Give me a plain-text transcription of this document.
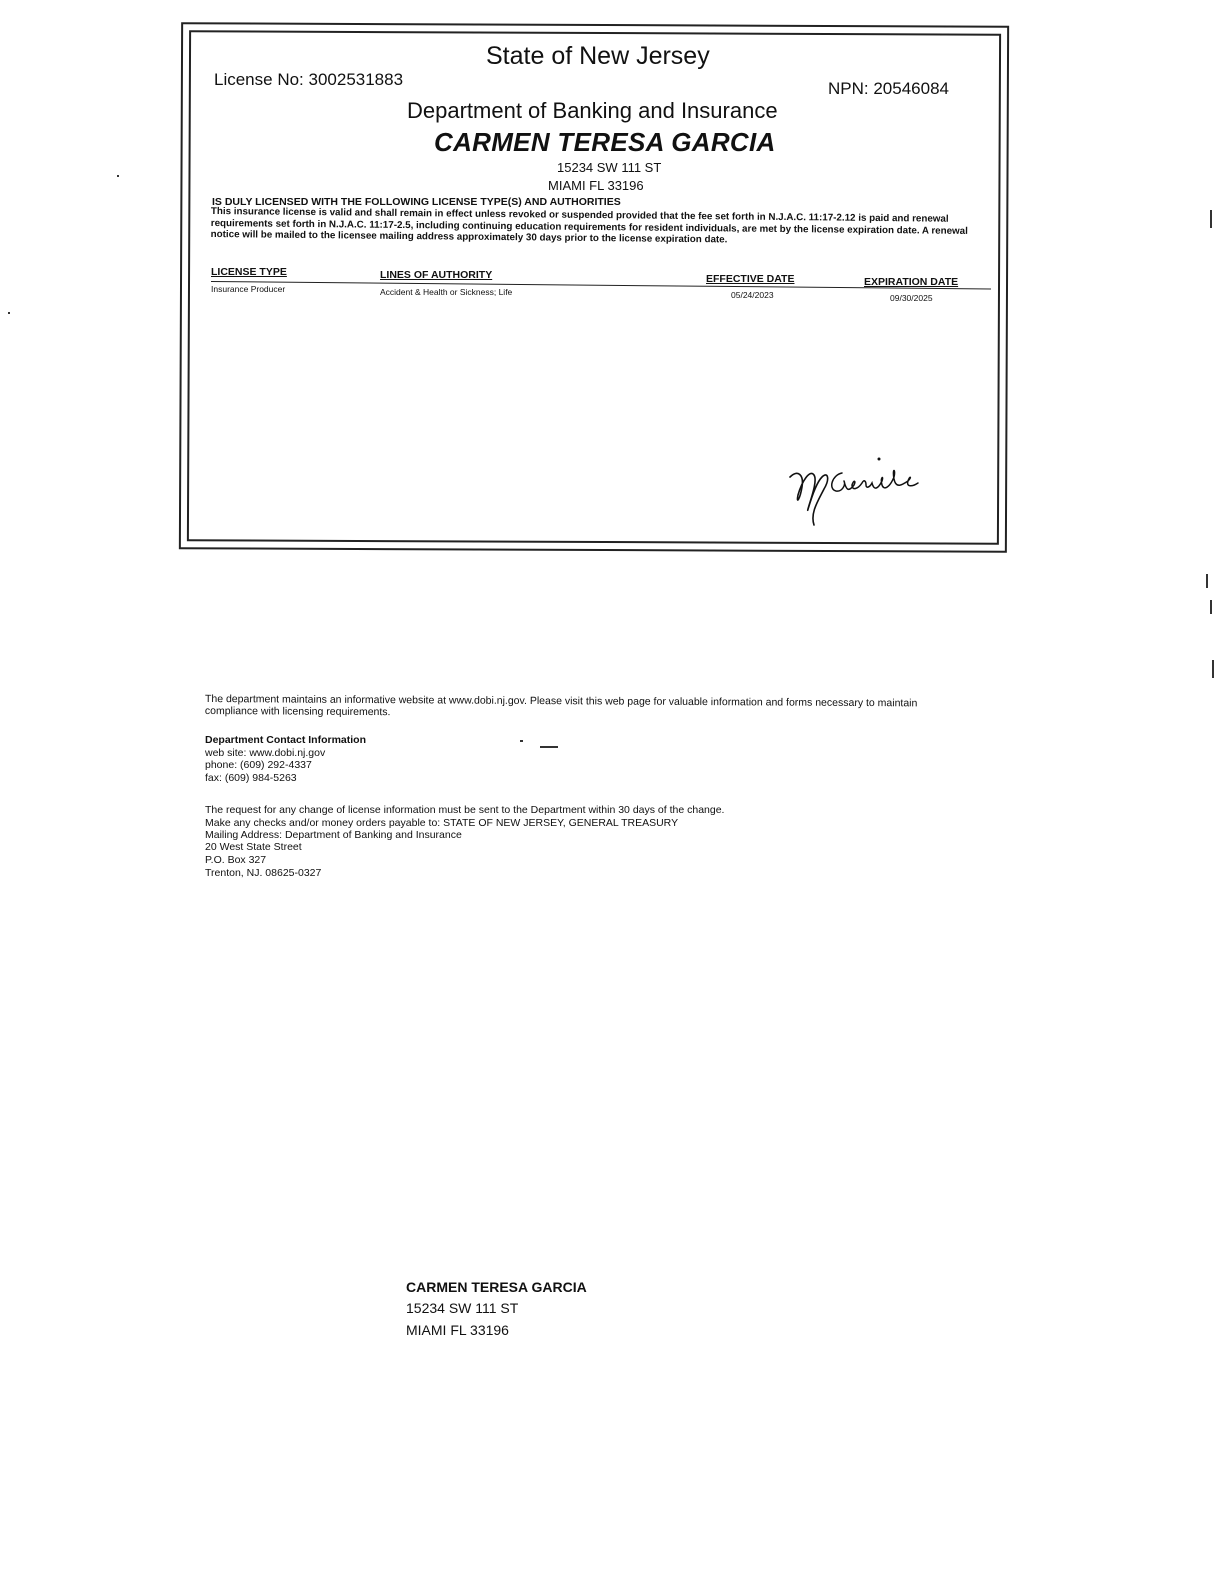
State of New Jersey
License No: 3002531883	NPN: 20546084
Department of Banking and Insurance
CARMEN TERESA GARCIA
15234 SW 111 ST
MIAMI FL 33196
IS DULY LICENSED WITH THE FOLLOWING LICENSE TYPE(S) AND AUTHORITIES
This insurance license is valid and shall remain in effect unless revoked or suspended provided that the fee set forth in N.J.A.C. 11:17-2.12 is paid and renewal requirements set forth in N.J.A.C. 11:17-2.5, including continuing education requirements for resident individuals, are met by the license expiration date. A renewal notice will be mailed to the licensee mailing address approximately 30 days prior to the license expiration date.
LICENSE TYPE	LINES OF AUTHORITY	EFFECTIVE DATE	EXPIRATION DATE
Insurance Producer	Accident & Health or Sickness; Life	05/24/2023	09/30/2025
The department maintains an informative website at www.dobi.nj.gov. Please visit this web page for valuable information and forms necessary to maintain compliance with licensing requirements.
Department Contact Information
web site: www.dobi.nj.gov
phone: (609) 292-4337
fax: (609) 984-5263
The request for any change of license information must be sent to the Department within 30 days of the change.
Make any checks and/or money orders payable to: STATE OF NEW JERSEY, GENERAL TREASURY
Mailing Address: Department of Banking and Insurance
20 West State Street
P.O. Box 327
Trenton, NJ. 08625-0327
CARMEN TERESA GARCIA
15234 SW 111 ST
MIAMI FL 33196
